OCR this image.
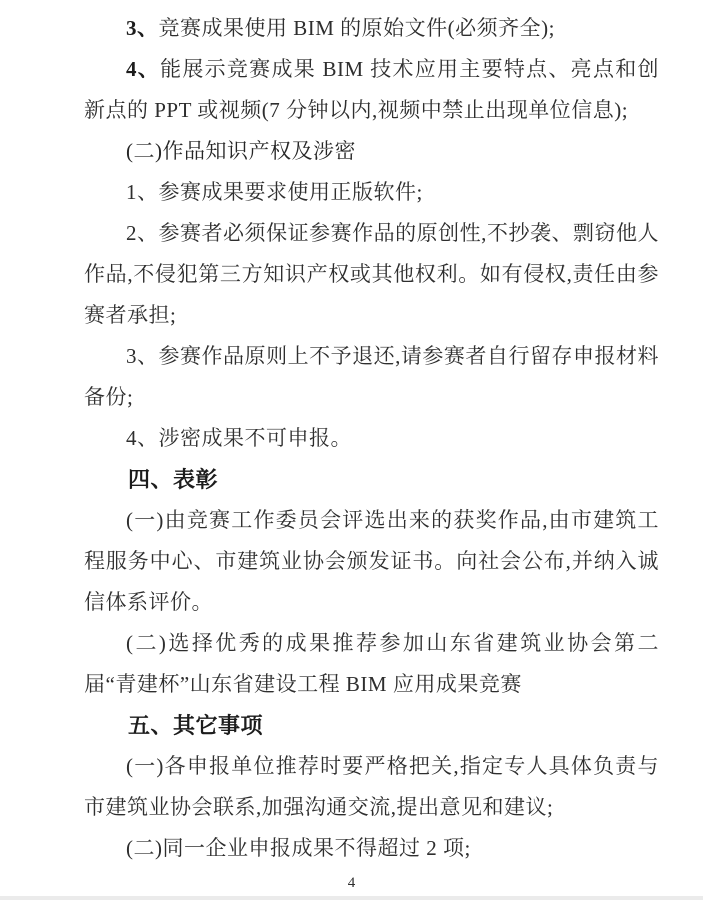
3、竞赛成果使用 BIM 的原始文件(必须齐全);

4、能展示竞赛成果 BIM 技术应用主要特点、亮点和创新点的 PPT 或视频(7 分钟以内,视频中禁止出现单位信息);

(二)作品知识产权及涉密

1、参赛成果要求使用正版软件;

2、参赛者必须保证参赛作品的原创性,不抄袭、剽窃他人作品,不侵犯第三方知识产权或其他权利。如有侵权,责任由参赛者承担;

3、参赛作品原则上不予退还,请参赛者自行留存申报材料备份;

4、涉密成果不可申报。

四、表彰

(一)由竞赛工作委员会评选出来的获奖作品,由市建筑工程服务中心、市建筑业协会颁发证书。向社会公布,并纳入诚信体系评价。

(二)选择优秀的成果推荐参加山东省建筑业协会第二届“青建杯”山东省建设工程 BIM 应用成果竞赛

五、其它事项

(一)各申报单位推荐时要严格把关,指定专人具体负责与市建筑业协会联系,加强沟通交流,提出意见和建议;

(二)同一企业申报成果不得超过 2 项;

4
